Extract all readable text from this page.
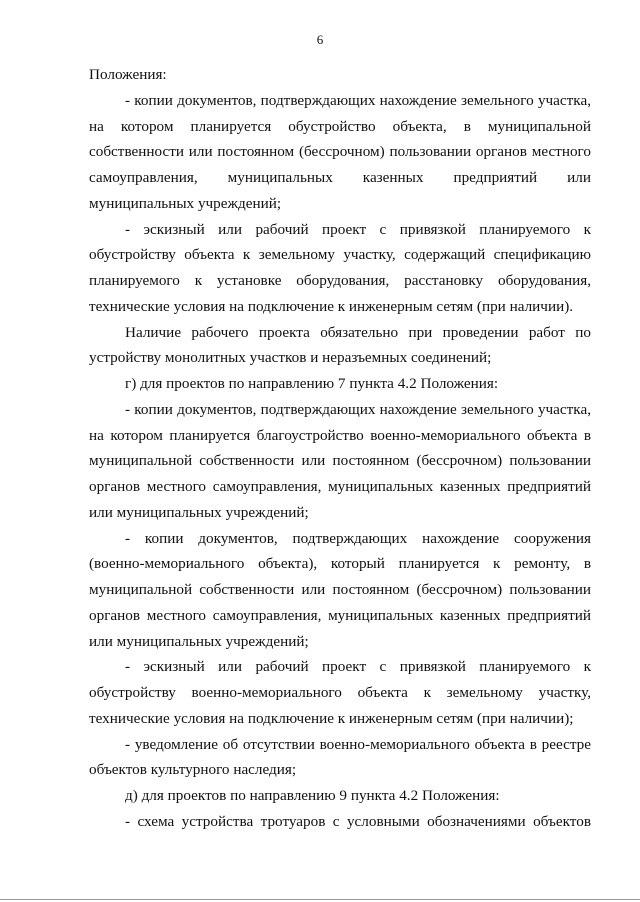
6

Положения:

- копии документов, подтверждающих нахождение земельного участка, на котором планируется обустройство объекта, в муниципальной собственности или постоянном (бессрочном) пользовании органов местного самоуправления, муниципальных казенных предприятий или муниципальных учреждений;

- эскизный или рабочий проект с привязкой планируемого к обустройству объекта к земельному участку, содержащий спецификацию планируемого к установке оборудования, расстановку оборудования, технические условия на подключение к инженерным сетям (при наличии).

Наличие рабочего проекта обязательно при проведении работ по устройству монолитных участков и неразъемных соединений;

г) для проектов по направлению 7 пункта 4.2 Положения:

- копии документов, подтверждающих нахождение земельного участка, на котором планируется благоустройство военно-мемориального объекта в муниципальной собственности или постоянном (бессрочном) пользовании органов местного самоуправления, муниципальных казенных предприятий или муниципальных учреждений;

- копии документов, подтверждающих нахождение сооружения (военно-мемориального объекта), который планируется к ремонту, в муниципальной собственности или постоянном (бессрочном) пользовании органов местного самоуправления, муниципальных казенных предприятий или муниципальных учреждений;

- эскизный или рабочий проект с привязкой планируемого к обустройству военно-мемориального объекта к земельному участку, технические условия на подключение к инженерным сетям (при наличии);

- уведомление об отсутствии военно-мемориального объекта в реестре объектов культурного наследия;

д) для проектов по направлению 9 пункта 4.2 Положения:

- схема устройства тротуаров с условными обозначениями объектов
